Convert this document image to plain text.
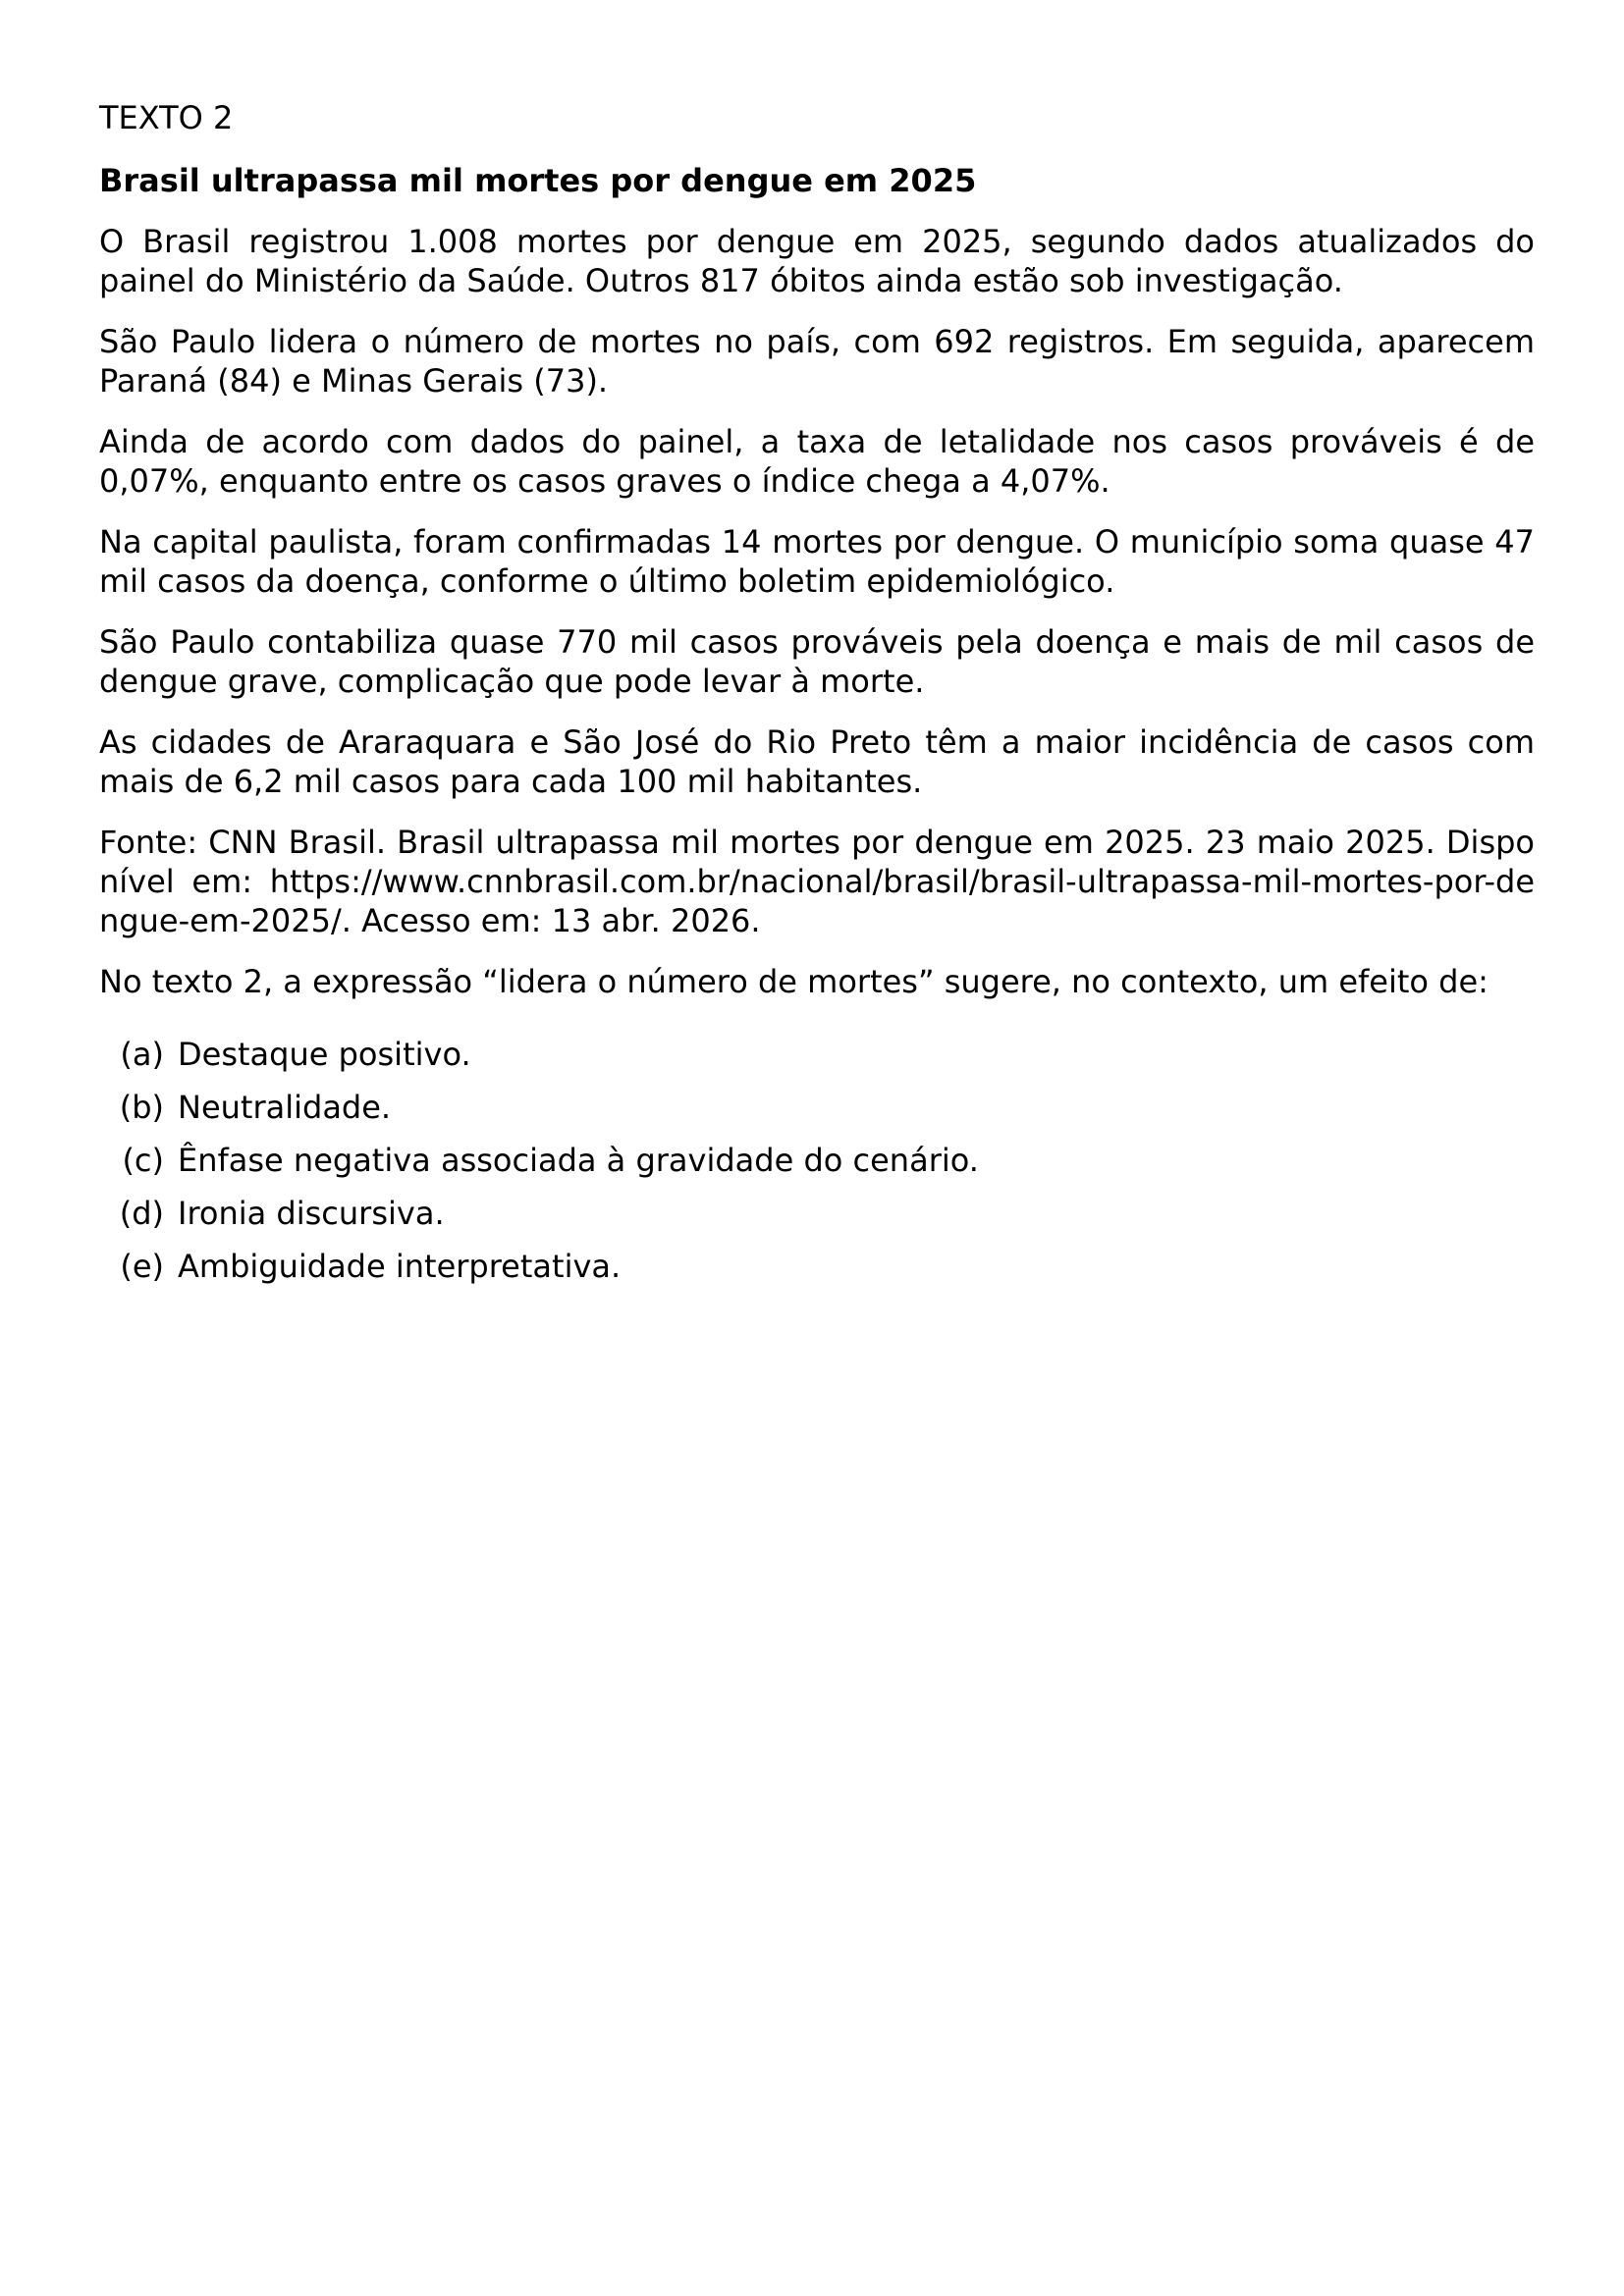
TEXTO 2

Brasil ultrapassa mil mortes por dengue em 2025

O Brasil registrou 1.008 mortes por dengue em 2025, segundo dados atualizados do painel do Ministério da Saúde. Outros 817 óbitos ainda estão sob investigação.

São Paulo lidera o número de mortes no país, com 692 registros. Em seguida, aparecem Paraná (84) e Minas Gerais (73).

Ainda de acordo com dados do painel, a taxa de letalidade nos casos prováveis é de 0,07%, enquanto entre os casos graves o índice chega a 4,07%.

Na capital paulista, foram confirmadas 14 mortes por dengue. O município soma quase 47 mil casos da doença, conforme o último boletim epidemiológico.

São Paulo contabiliza quase 770 mil casos prováveis pela doença e mais de mil casos de dengue grave, complicação que pode levar à morte.

As cidades de Araraquara e São José do Rio Preto têm a maior incidência de casos com mais de 6,2 mil casos para cada 100 mil habitantes.

Fonte: CNN Brasil. Brasil ultrapassa mil mortes por dengue em 2025. 23 maio 2025. Disponível em: https://www.cnnbrasil.com.br/nacional/brasil/brasil-ultrapassa-mil-mortes-por-dengue-em-2025/. Acesso em: 13 abr. 2026.

No texto 2, a expressão “lidera o número de mortes” sugere, no contexto, um efeito de:

(a) Destaque positivo.
(b) Neutralidade.
(c) Ênfase negativa associada à gravidade do cenário.
(d) Ironia discursiva.
(e) Ambiguidade interpretativa.
